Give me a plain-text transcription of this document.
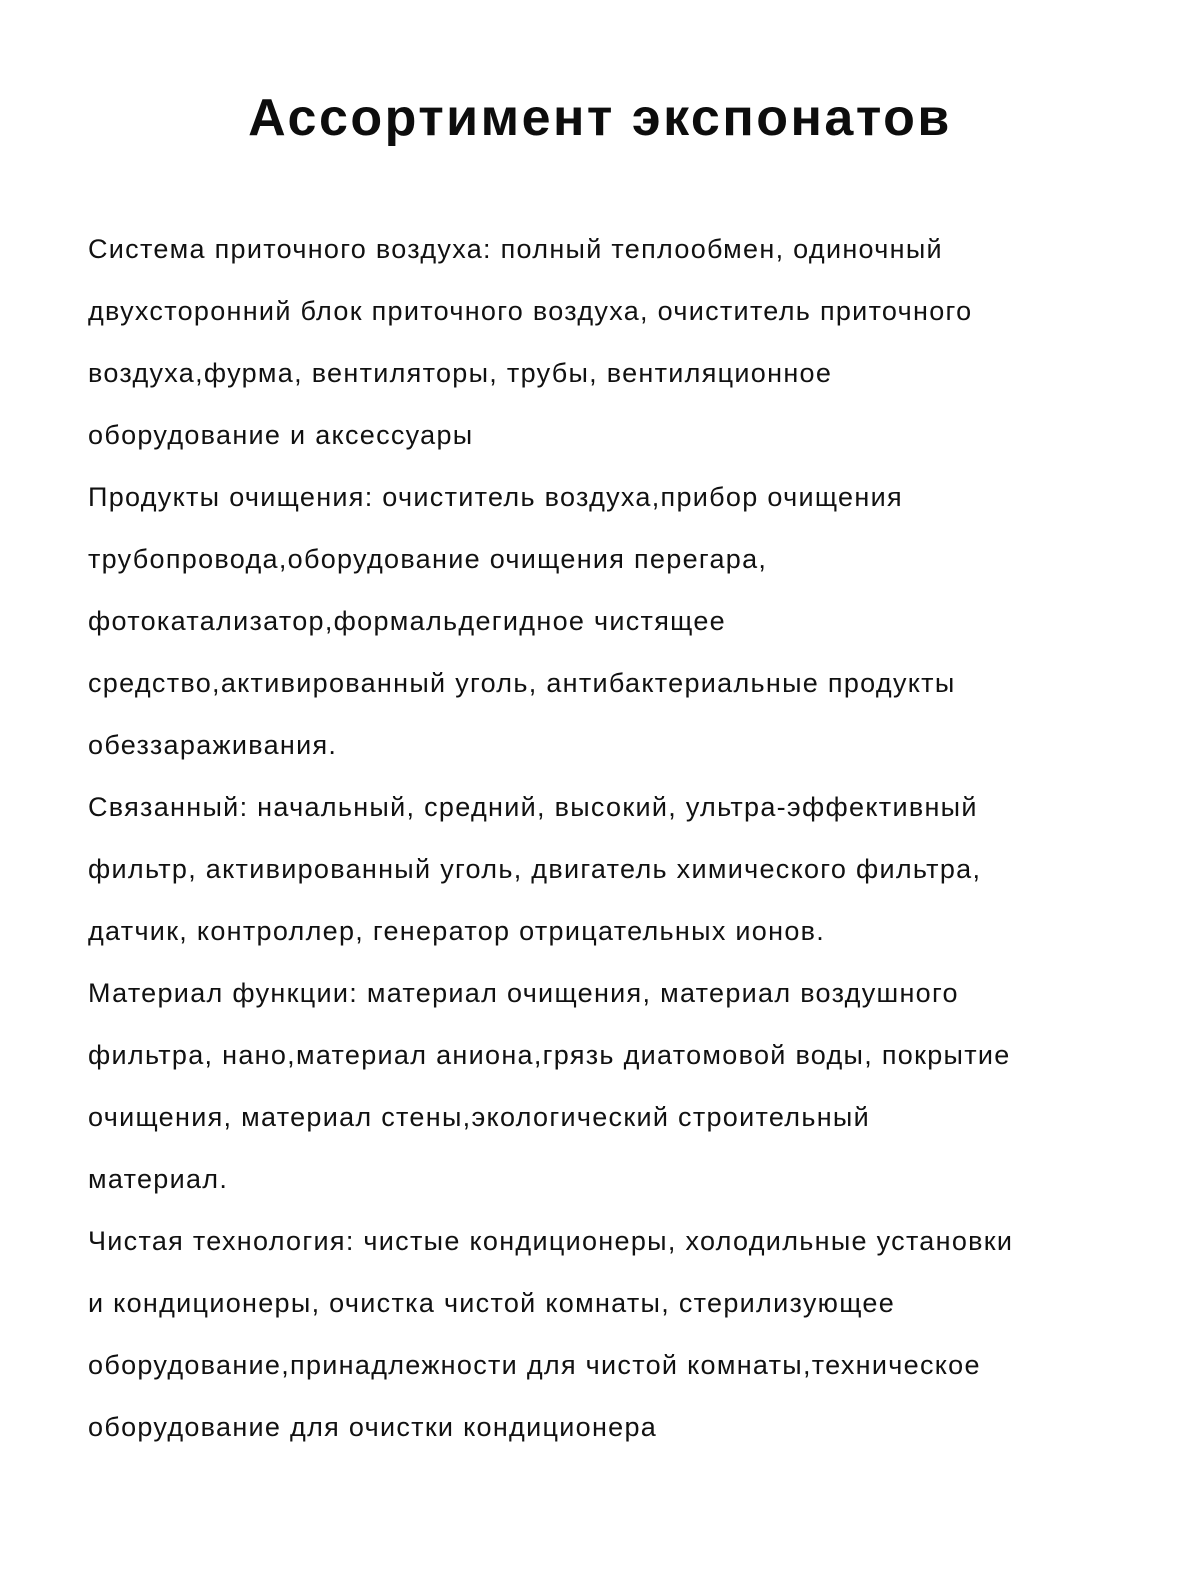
Ассортимент экспонатов
Система приточного воздуха: полный теплообмен, одиночный
двухсторонний блок приточного воздуха, очиститель приточного
воздуха,фурма, вентиляторы, трубы, вентиляционное
оборудование и аксессуары
Продукты очищения: очиститель воздуха,прибор очищения
трубопровода,оборудование очищения перегара,
фотокатализатор,формальдегидное чистящее
средство,активированный уголь, антибактериальные продукты
обеззараживания.
Связанный: начальный, средний, высокий, ультра-эффективный
фильтр, активированный уголь, двигатель химического фильтра,
датчик, контроллер, генератор отрицательных ионов.
Материал функции: материал очищения, материал воздушного
фильтра, нано,материал аниона,грязь диатомовой воды, покрытие
очищения, материал стены,экологический строительный
материал.
Чистая технология: чистые кондиционеры, холодильные установки
и кондиционеры, очистка чистой комнаты, стерилизующее
оборудование,принадлежности для чистой комнаты,техническое
оборудование для очистки кондиционера
